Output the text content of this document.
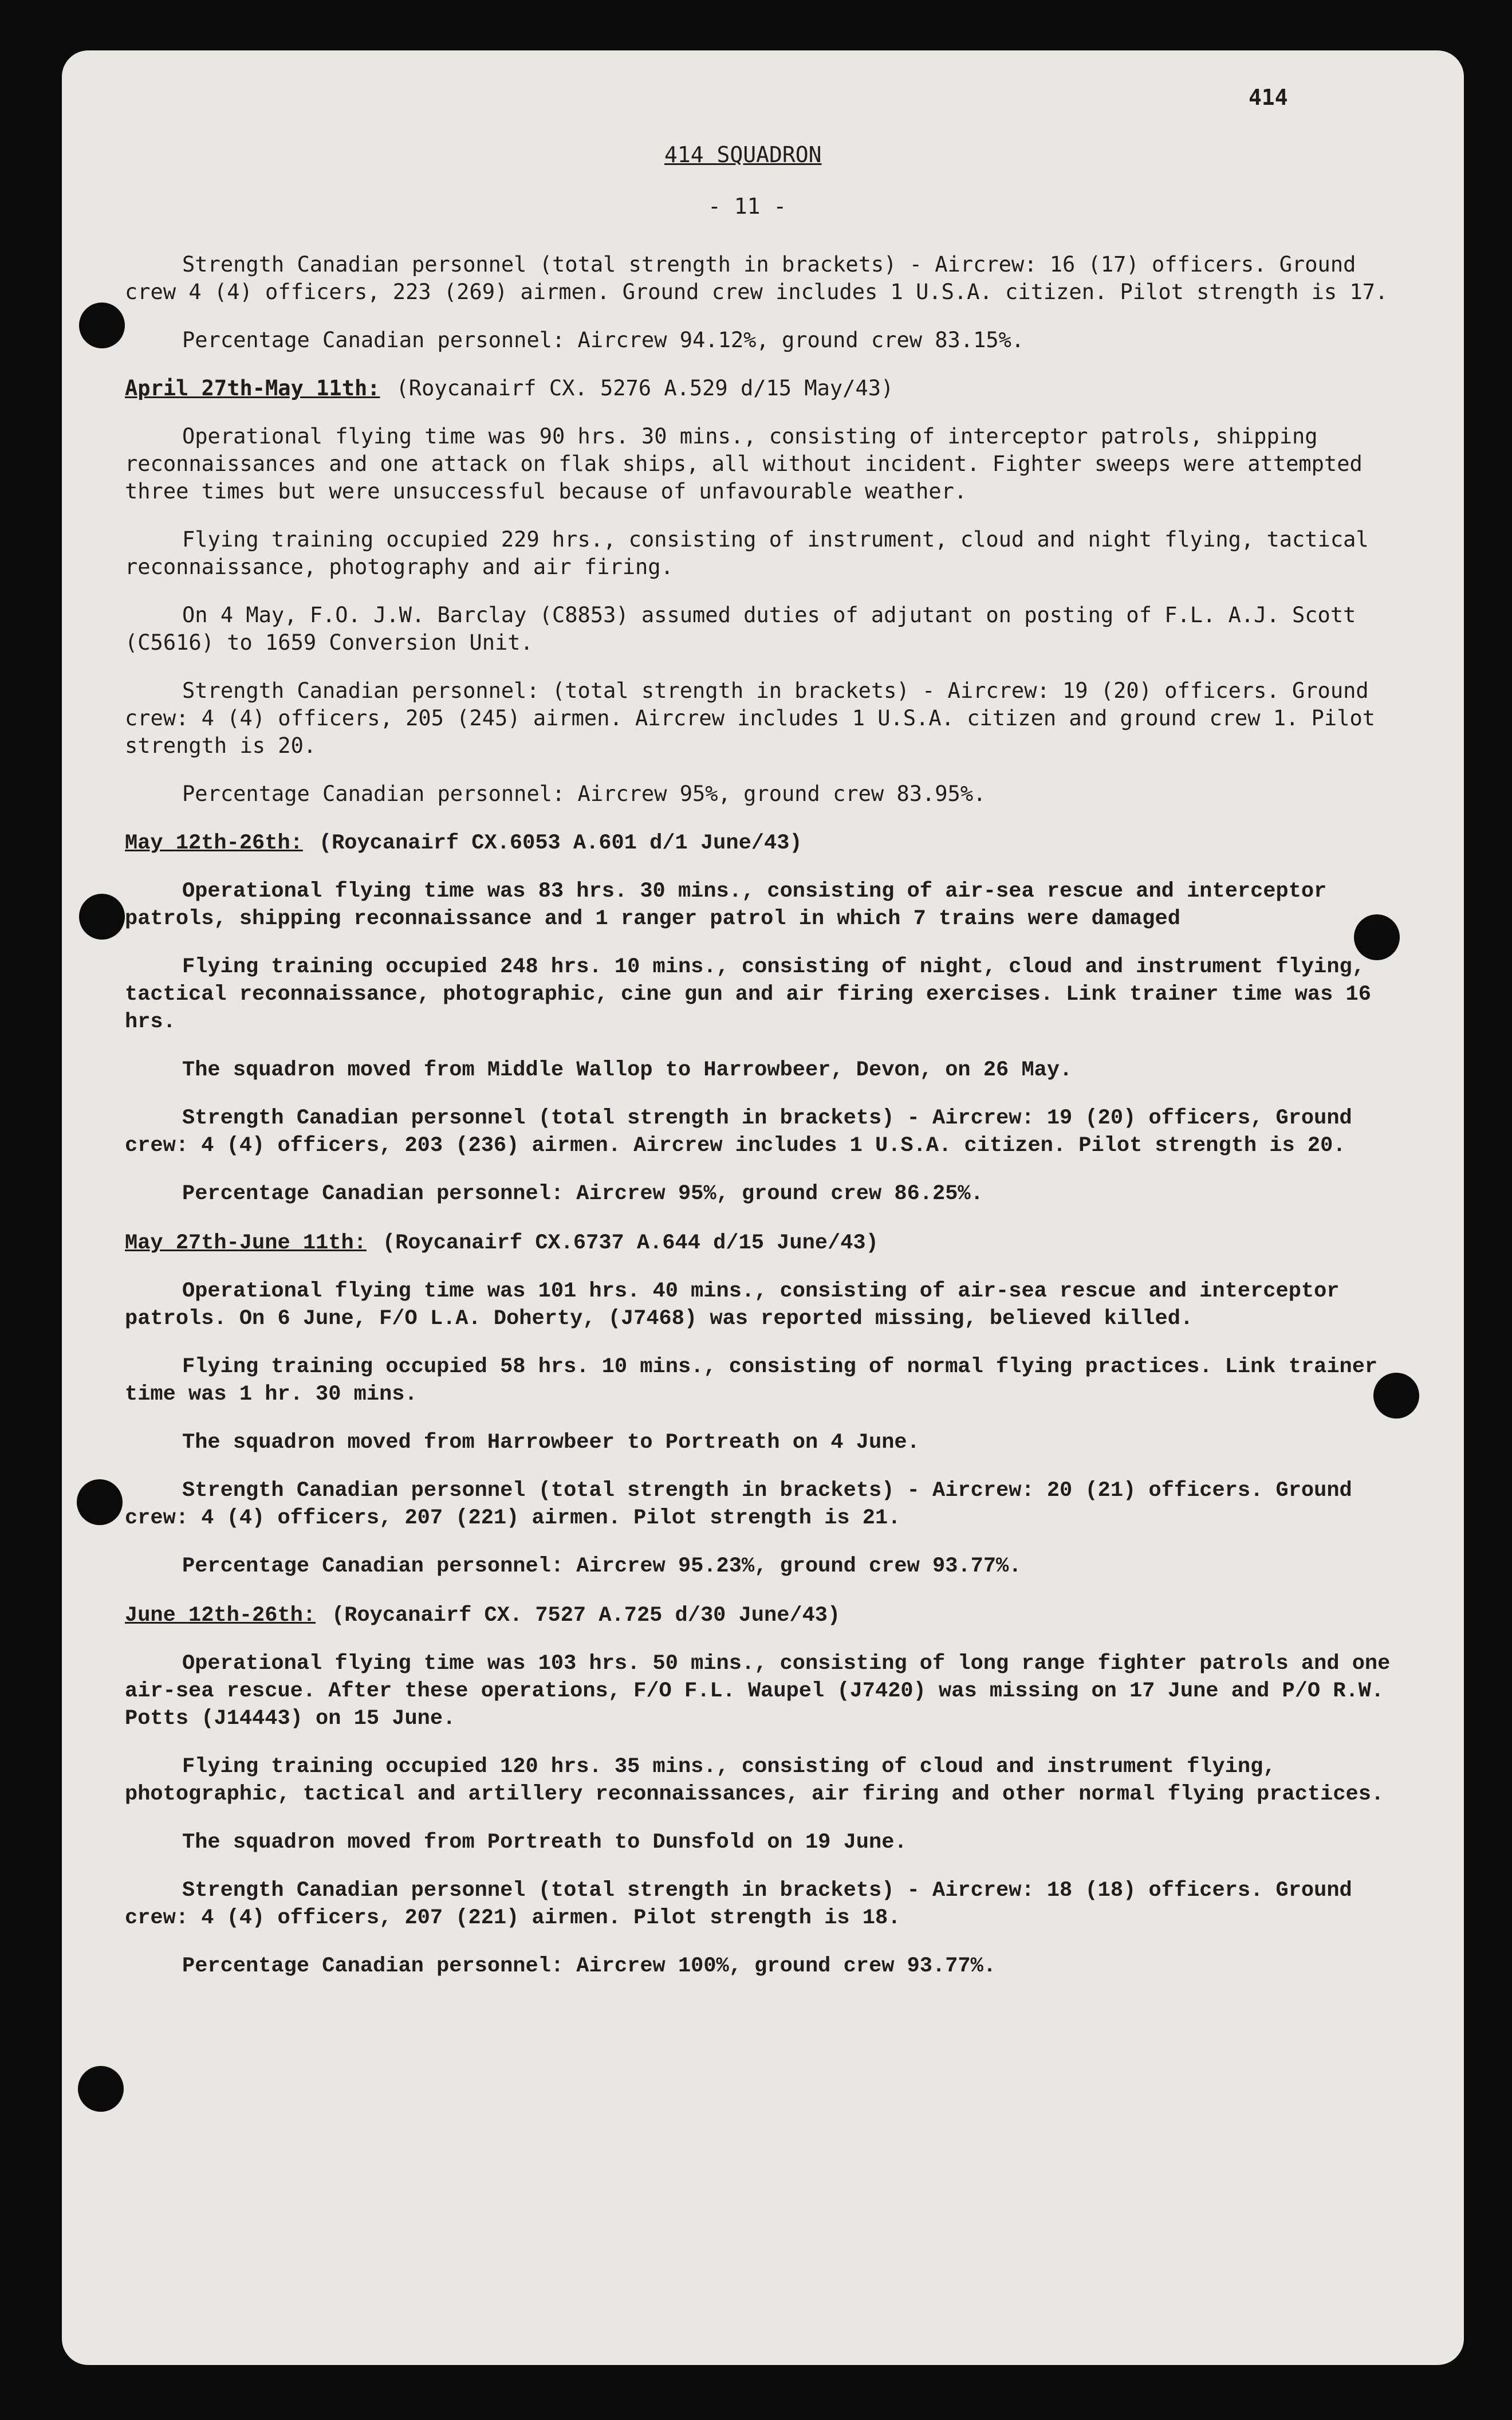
414
414 SQUADRON
- 11 -

Strength Canadian personnel (total strength in brackets) - Aircrew: 16 (17) officers. Ground crew 4 (4) officers, 223 (269) airmen. Ground crew includes 1 U.S.A. citizen. Pilot strength is 17.

Percentage Canadian personnel: Aircrew 94.12%, ground crew 83.15%.

April 27th-May 11th: (Roycanairf CX. 5276 A.529 d/15 May/43)

Operational flying time was 90 hrs. 30 mins., consisting of interceptor patrols, shipping reconnaissances and one attack on flak ships, all without incident. Fighter sweeps were attempted three times but were unsuccessful because of unfavourable weather.

Flying training occupied 229 hrs., consisting of instrument, cloud and night flying, tactical reconnaissance, photography and air firing.

On 4 May, F.O. J.W. Barclay (C8853) assumed duties of adjutant on posting of F.L. A.J. Scott (C5616) to 1659 Conversion Unit.

Strength Canadian personnel: (total strength in brackets) - Aircrew: 19 (20) officers. Ground crew: 4 (4) officers, 205 (245) airmen. Aircrew includes 1 U.S.A. citizen and ground crew 1. Pilot strength is 20.

Percentage Canadian personnel: Aircrew 95%, ground crew 83.95%.

May 12th-26th: (Roycanairf CX.6053 A.601 d/1 June/43)

Operational flying time was 83 hrs. 30 mins., consisting of air-sea rescue and interceptor patrols, shipping reconnaissance and 1 ranger patrol in which 7 trains were damaged

Flying training occupied 248 hrs. 10 mins., consisting of night, cloud and instrument flying, tactical reconnaissance, photographic, cine gun and air firing exercises. Link trainer time was 16 hrs.

The squadron moved from Middle Wallop to Harrowbeer, Devon, on 26 May.

Strength Canadian personnel (total strength in brackets) - Aircrew: 19 (20) officers, Ground crew: 4 (4) officers, 203 (236) airmen. Aircrew includes 1 U.S.A. citizen. Pilot strength is 20.

Percentage Canadian personnel: Aircrew 95%, ground crew 86.25%.

May 27th-June 11th: (Roycanairf CX.6737 A.644 d/15 June/43)

Operational flying time was 101 hrs. 40 mins., consisting of air-sea rescue and interceptor patrols. On 6 June, F/O L.A. Doherty, (J7468) was reported missing, believed killed.

Flying training occupied 58 hrs. 10 mins., consisting of normal flying practices. Link trainer time was 1 hr. 30 mins.

The squadron moved from Harrowbeer to Portreath on 4 June.

Strength Canadian personnel (total strength in brackets) - Aircrew: 20 (21) officers. Ground crew: 4 (4) officers, 207 (221) airmen. Pilot strength is 21.

Percentage Canadian personnel: Aircrew 95.23%, ground crew 93.77%.

June 12th-26th: (Roycanairf CX. 7527 A.725 d/30 June/43)

Operational flying time was 103 hrs. 50 mins., consisting of long range fighter patrols and one air-sea rescue. After these operations, F/O F.L. Waupel (J7420) was missing on 17 June and P/O R.W. Potts (J14443) on 15 June.

Flying training occupied 120 hrs. 35 mins., consisting of cloud and instrument flying, photographic, tactical and artillery reconnaissances, air firing and other normal flying practices.

The squadron moved from Portreath to Dunsfold on 19 June.

Strength Canadian personnel (total strength in brackets) - Aircrew: 18 (18) officers. Ground crew: 4 (4) officers, 207 (221) airmen. Pilot strength is 18.

Percentage Canadian personnel: Aircrew 100%, ground crew 93.77%.
